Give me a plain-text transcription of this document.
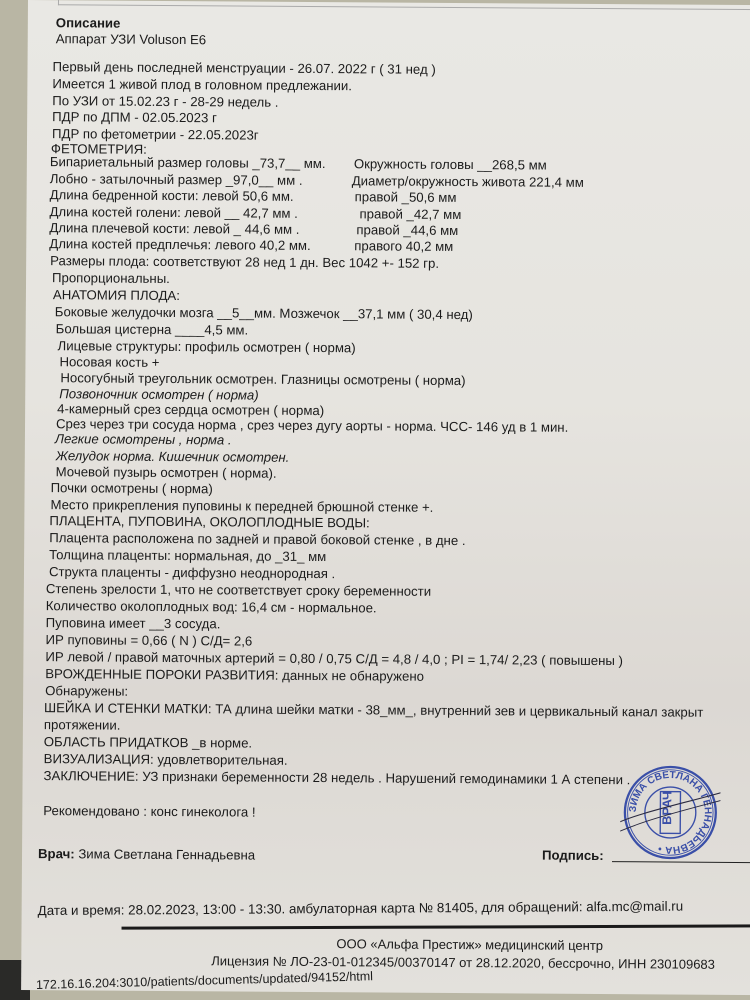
Описание
Аппарат УЗИ Voluson E6
Первый день последней менструации - 26.07. 2022 г ( 31 нед )
Имеется 1 живой плод в головном предлежании.
По УЗИ от 15.02.23 г - 28-29 недель .
ПДР по ДПМ - 02.05.2023 г
ПДР по фетометрии - 22.05.2023г
ФЕТОМЕТРИЯ:
Бипариетальный размер головы _73,7__ мм. Окружность головы __268,5 мм
Лобно - затылочный размер _97,0__ мм .	Диаметр/окружность живота 221,4 мм
Длина бедренной кости: левой 50,6 мм.	правой _50,6 мм
Длина костей голени: левой __ 42,7 мм .	правой _42,7 мм
Длина плечевой кости: левой _ 44,6 мм .	правой _44,6 мм
Длина костей предплечья: левого 40,2 мм.	правого 40,2 мм
Размеры плода: соответствуют 28 нед 1 дн. Вес 1042 +- 152 гр.
Пропорциональны.
АНАТОМИЯ ПЛОДА:
Боковые желудочки мозга __5__мм. Мозжечок __37,1 мм ( 30,4 нед)
Большая цистерна ____4,5 мм.
Лицевые структуры: профиль осмотрен ( норма)
Носовая кость +
Носогубный треугольник осмотрен. Глазницы осмотрены ( норма)
Позвоночник осмотрен ( норма)
4-камерный срез сердца осмотрен ( норма)
Срез через три сосуда норма , срез через дугу аорты - норма. ЧСС- 146 уд в 1 мин.
Легкие осмотрены , норма .
Желудок норма. Кишечник осмотрен.
Мочевой пузырь осмотрен ( норма).
Почки осмотрены ( норма)
Место прикрепления пуповины к передней брюшной стенке +.
ПЛАЦЕНТА, ПУПОВИНА, ОКОЛОПЛОДНЫЕ ВОДЫ:
Плацента расположена по задней и правой боковой стенке , в дне .
Толщина плаценты: нормальная, до _31_ мм
Структа плаценты - диффузно неоднородная .
Степень зрелости 1, что не соответствует сроку беременности
Количество околоплодных вод: 16,4 см - нормальное.
Пуповина имеет __3 сосуда.
ИР пуповины = 0,66 ( N ) С/Д= 2,6
ИР левой / правой маточных артерий = 0,80 / 0,75 С/Д = 4,8 / 4,0 ; PI = 1,74/ 2,23 ( повышены )
ВРОЖДЕННЫЕ ПОРОКИ РАЗВИТИЯ: данных не обнаружено
Обнаружены:
ШЕЙКА И СТЕНКИ МАТКИ: ТА длина шейки матки - 38_мм_, внутренний зев и цервикальный канал закрыт
протяжении.
ОБЛАСТЬ ПРИДАТКОВ _в норме.
ВИЗУАЛИЗАЦИЯ: удовлетворительная.
ЗАКЛЮЧЕНИЕ: УЗ признаки беременности 28 недель . Нарушений гемодинамики 1 А степени .
Рекомендовано : конс гинеколога !
Врач: Зима Светлана Геннадьевна	Подпись:
ЗИМА СВЕТЛАНА ГЕННАДЬЕВНА •
ВРАЧ
Дата и время: 28.02.2023, 13:00 - 13:30. амбулаторная карта № 81405, для обращений: alfa.mc@mail.ru
ООО «Альфа Престиж» медицинский центр
Лицензия № ЛО-23-01-012345/00370147 от 28.12.2020, бессрочно, ИНН 230109683
172.16.16.204:3010/patients/documents/updated/94152/html
